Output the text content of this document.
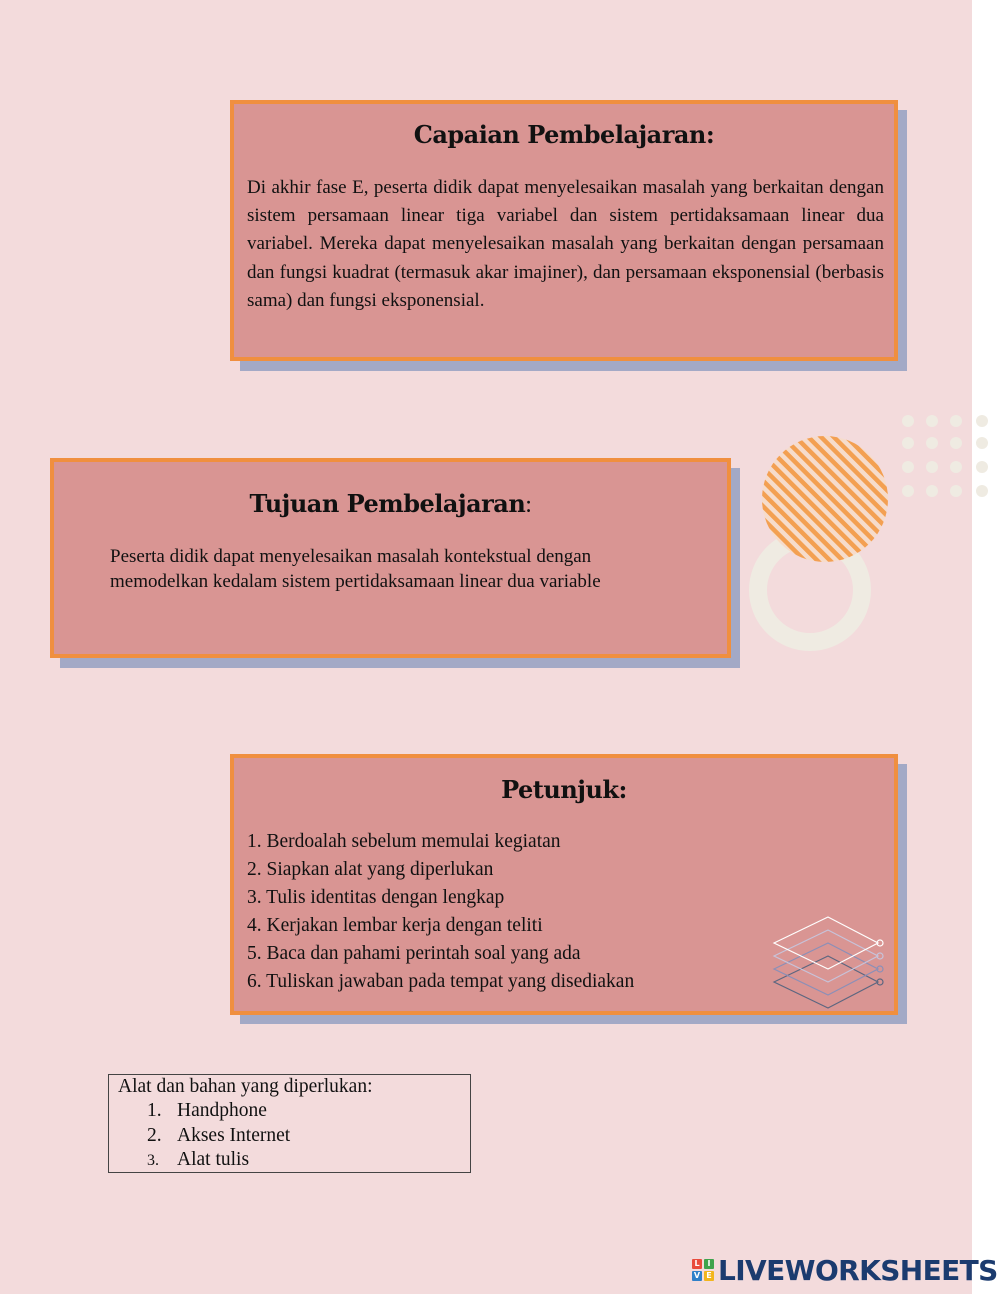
Capaian Pembelajaran:
Di akhir fase E, peserta didik dapat menyelesaikan masalah yang berkaitan dengan sistem persamaan linear tiga variabel dan sistem pertidaksamaan linear dua variabel. Mereka dapat menyelesaikan masalah yang berkaitan dengan persamaan dan fungsi kuadrat (termasuk akar imajiner), dan persamaan eksponensial (berbasis sama) dan fungsi eksponensial.
Tujuan Pembelajaran:
Peserta didik dapat menyelesaikan masalah kontekstual dengan
memodelkan kedalam sistem pertidaksamaan linear dua variable
Petunjuk:
1. Berdoalah sebelum memulai kegiatan
2. Siapkan alat yang diperlukan
3. Tulis identitas dengan lengkap
4. Kerjakan lembar kerja dengan teliti
5. Baca dan pahami perintah soal yang ada
6. Tuliskan jawaban pada tempat yang disediakan
Alat dan bahan yang diperlukan:
1. Handphone
2. Akses Internet
3. Alat tulis
L I
V E LIVEWORKSHEETS
